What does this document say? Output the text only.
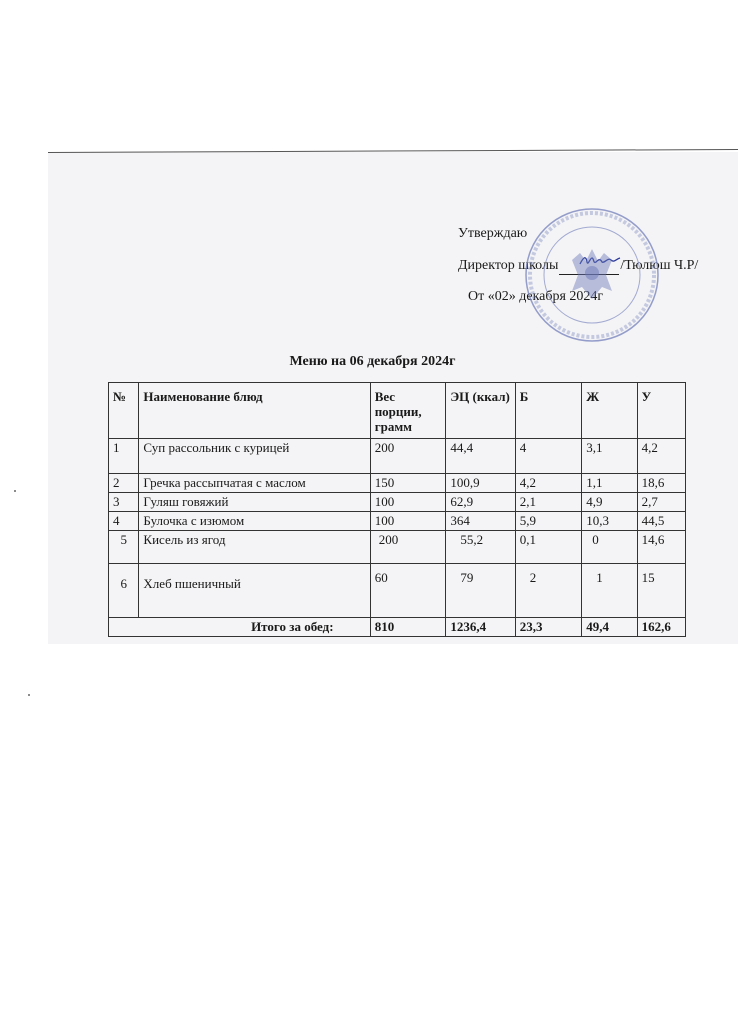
Утверждаю
Директор школы	/Тюлюш Ч.Р/
От «02» декабря 2024г
Меню на 06 декабря 2024г
№	Наименование блюд	Вес порции, грамм	ЭЦ (ккал)	Б	Ж	У
1	Суп рассольник с курицей	200	44,4	4	3,1	4,2
2	Гречка рассыпчатая с маслом	150	100,9	4,2	1,1	18,6
3	Гуляш говяжий	100	62,9	2,1	4,9	2,7
4	Булочка с изюмом	100	364	5,9	10,3	44,5
5	Кисель из ягод	200	55,2	0,1	0	14,6
6	Хлеб пшеничный	60	79	2	1	15
	Итого за обед:	810	1236,4	23,3	49,4	162,6
